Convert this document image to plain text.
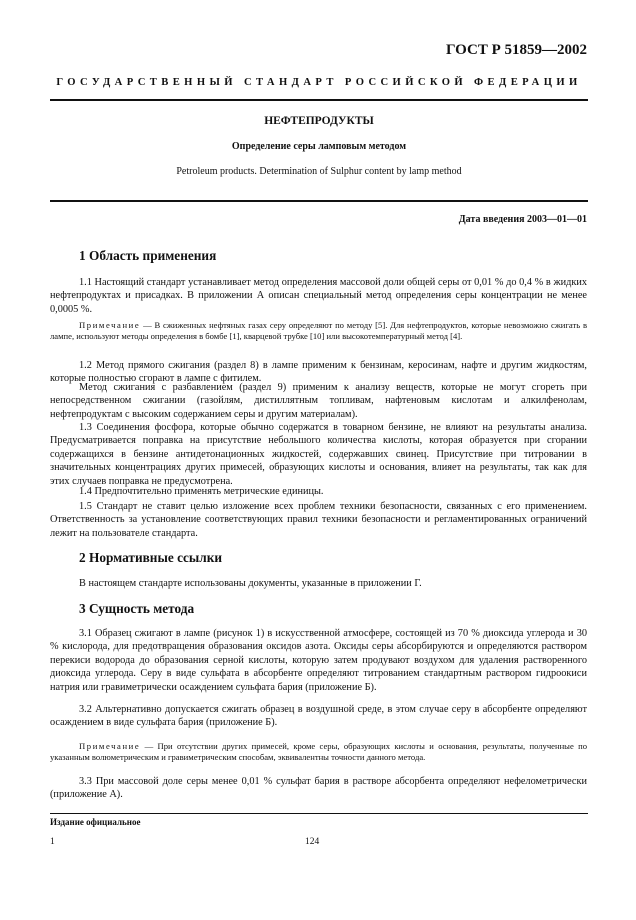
ГОСТ Р 51859—2002
ГОСУДАРСТВЕННЫЙ СТАНДАРТ РОССИЙСКОЙ ФЕДЕРАЦИИ
НЕФТЕПРОДУКТЫ
Определение серы ламповым методом
Petroleum products. Determination of Sulphur content by lamp method
Дата введения 2003—01—01
1 Область применения
1.1 Настоящий стандарт устанавливает метод определения массовой доли общей серы от 0,01 % до 0,4 % в жидких нефтепродуктах и присадках. В приложении А описан специальный метод определения серы концентрации не менее 0,0005 %.
Примечание — В сжиженных нефтяных газах серу определяют по методу [5]. Для нефтепродуктов, которые невозможно сжигать в лампе, используют методы определения в бомбе [1], кварцевой трубке [10] или высокотемпературный метод [4].
1.2 Метод прямого сжигания (раздел 8) в лампе применим к бензинам, керосинам, нафте и другим жидкостям, которые полностью сгорают в лампе с фитилем.
Метод сжигания с разбавлением (раздел 9) применим к анализу веществ, которые не могут сгореть при непосредственном сжигании (газойлям, дистиллятным топливам, нафтеновым кислотам и алкилфенолам, нефтепродуктам с высоким содержанием серы и другим материалам).
1.3 Соединения фосфора, которые обычно содержатся в товарном бензине, не влияют на результаты анализа. Предусматривается поправка на присутствие небольшого количества кислоты, которая образуется при сгорании содержащихся в бензине антидетонационных жидкостей, содержавших свинец. Присутствие при титровании в значительных концентрациях других примесей, образующих кислоты и основания, влияет на результаты, так как для этих случаев поправка не предусмотрена.
1.4 Предпочтительно применять метрические единицы.
1.5 Стандарт не ставит целью изложение всех проблем техники безопасности, связанных с его применением. Ответственность за установление соответствующих правил техники безопасности и регламентированных ограничений лежит на пользователе стандарта.
2 Нормативные ссылки
В настоящем стандарте использованы документы, указанные в приложении Г.
3 Сущность метода
3.1 Образец сжигают в лампе (рисунок 1) в искусственной атмосфере, состоящей из 70 % диоксида углерода и 30 % кислорода, для предотвращения образования оксидов азота. Оксиды серы абсорбируются и определяются раствором перекиси водорода до образования серной кислоты, которую затем продувают воздухом для удаления растворенного диоксида углерода. Серу в виде сульфата в абсорбенте определяют титрованием стандартным раствором гидроокиси натрия или гравиметрически осаждением сульфата бария (приложение Б).
3.2 Альтернативно допускается сжигать образец в воздушной среде, в этом случае серу в абсорбенте определяют осаждением в виде сульфата бария (приложение Б).
Примечание — При отсутствии других примесей, кроме серы, образующих кислоты и основания, результаты, полученные по указанным волюметрическим и гравиметрическим способам, эквивалентны точности данного метода.
3.3 При массовой доле серы менее 0,01 % сульфат бария в растворе абсорбента определяют нефелометрически (приложение А).
Издание официальное
1	124
